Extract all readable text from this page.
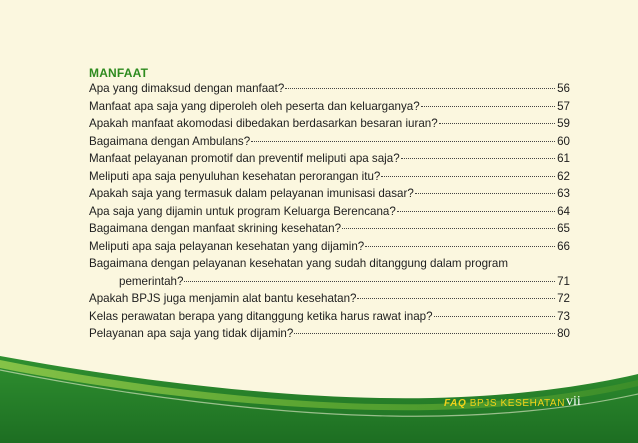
MANFAAT
Apa yang dimaksud dengan manfaat?	56
Manfaat apa saja yang diperoleh oleh peserta dan keluarganya?	57
Apakah manfaat akomodasi dibedakan berdasarkan besaran iuran?	59
Bagaimana dengan Ambulans?	60
Manfaat pelayanan promotif dan preventif meliputi apa saja?	61
Meliputi apa saja penyuluhan kesehatan perorangan itu?	62
Apakah saja yang termasuk dalam pelayanan imunisasi dasar?	63
Apa saja yang dijamin untuk program Keluarga Berencana?	64
Bagaimana dengan manfaat skrining kesehatan?	65
Meliputi apa saja pelayanan kesehatan yang dijamin?	66
Bagaimana dengan pelayanan kesehatan yang sudah ditanggung dalam program
pemerintah?	71
Apakah BPJS juga menjamin alat bantu kesehatan?	72
Kelas perawatan berapa yang ditanggung ketika harus rawat inap?	73
Pelayanan apa saja yang tidak dijamin?	80
FAQ BPJS KESEHATAN vii
